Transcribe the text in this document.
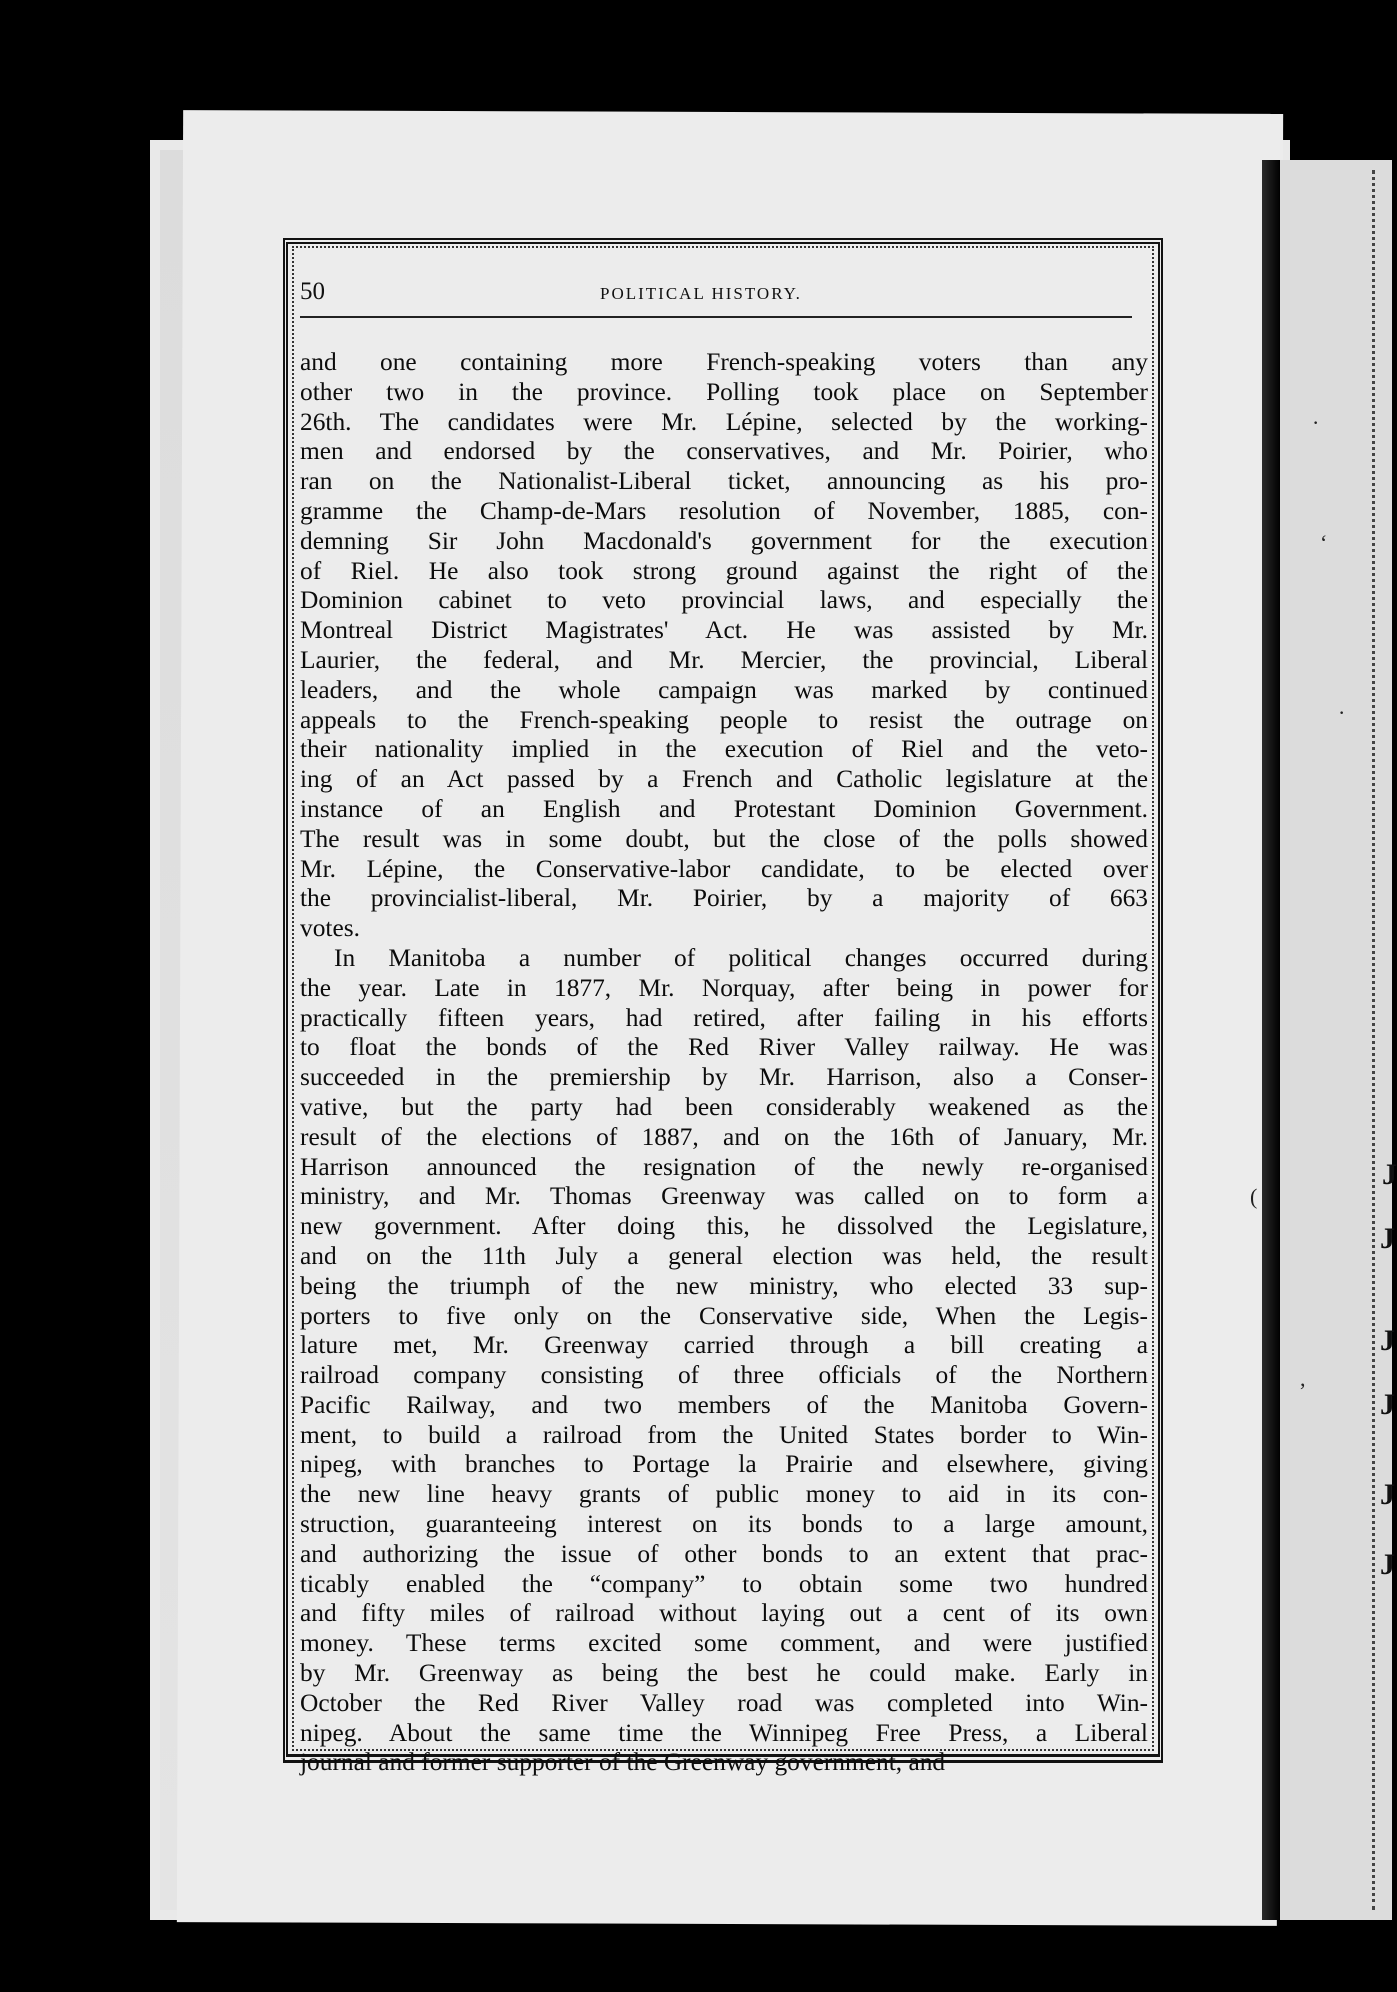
J
J
J
J
J
J
·
‘
·
(
,
50	POLITICAL HISTORY.

and one containing more French-speaking voters than any
other two in the province. Polling took place on September
26th. The candidates were Mr. Lépine, selected by the working-
men and endorsed by the conservatives, and Mr. Poirier, who
ran on the Nationalist-Liberal ticket, announcing as his pro-
gramme the Champ-de-Mars resolution of November, 1885, con-
demning Sir John Macdonald's government for the execution
of Riel. He also took strong ground against the right of the
Dominion cabinet to veto provincial laws, and especially the
Montreal District Magistrates' Act. He was assisted by Mr.
Laurier, the federal, and Mr. Mercier, the provincial, Liberal
leaders, and the whole campaign was marked by continued
appeals to the French-speaking people to resist the outrage on
their nationality implied in the execution of Riel and the veto-
ing of an Act passed by a French and Catholic legislature at the
instance of an English and Protestant Dominion Government.
The result was in some doubt, but the close of the polls showed
Mr. Lépine, the Conservative-labor candidate, to be elected over
the provincialist-liberal, Mr. Poirier, by a majority of 663
votes.

In Manitoba a number of political changes occurred during
the year. Late in 1877, Mr. Norquay, after being in power for
practically fifteen years, had retired, after failing in his efforts
to float the bonds of the Red River Valley railway. He was
succeeded in the premiership by Mr. Harrison, also a Conser-
vative, but the party had been considerably weakened as the
result of the elections of 1887, and on the 16th of January, Mr.
Harrison announced the resignation of the newly re-organised
ministry, and Mr. Thomas Greenway was called on to form a
new government. After doing this, he dissolved the Legislature,
and on the 11th July a general election was held, the result
being the triumph of the new ministry, who elected 33 sup-
porters to five only on the Conservative side, When the Legis-
lature met, Mr. Greenway carried through a bill creating a
railroad company consisting of three officials of the Northern
Pacific Railway, and two members of the Manitoba Govern-
ment, to build a railroad from the United States border to Win-
nipeg, with branches to Portage la Prairie and elsewhere, giving
the new line heavy grants of public money to aid in its con-
struction, guaranteeing interest on its bonds to a large amount,
and authorizing the issue of other bonds to an extent that prac-
ticably enabled the “company” to obtain some two hundred
and fifty miles of railroad without laying out a cent of its own
money. These terms excited some comment, and were justified
by Mr. Greenway as being the best he could make. Early in
October the Red River Valley road was completed into Win-
nipeg. About the same time the Winnipeg Free Press, a Liberal
journal and former supporter of the Greenway government, and
